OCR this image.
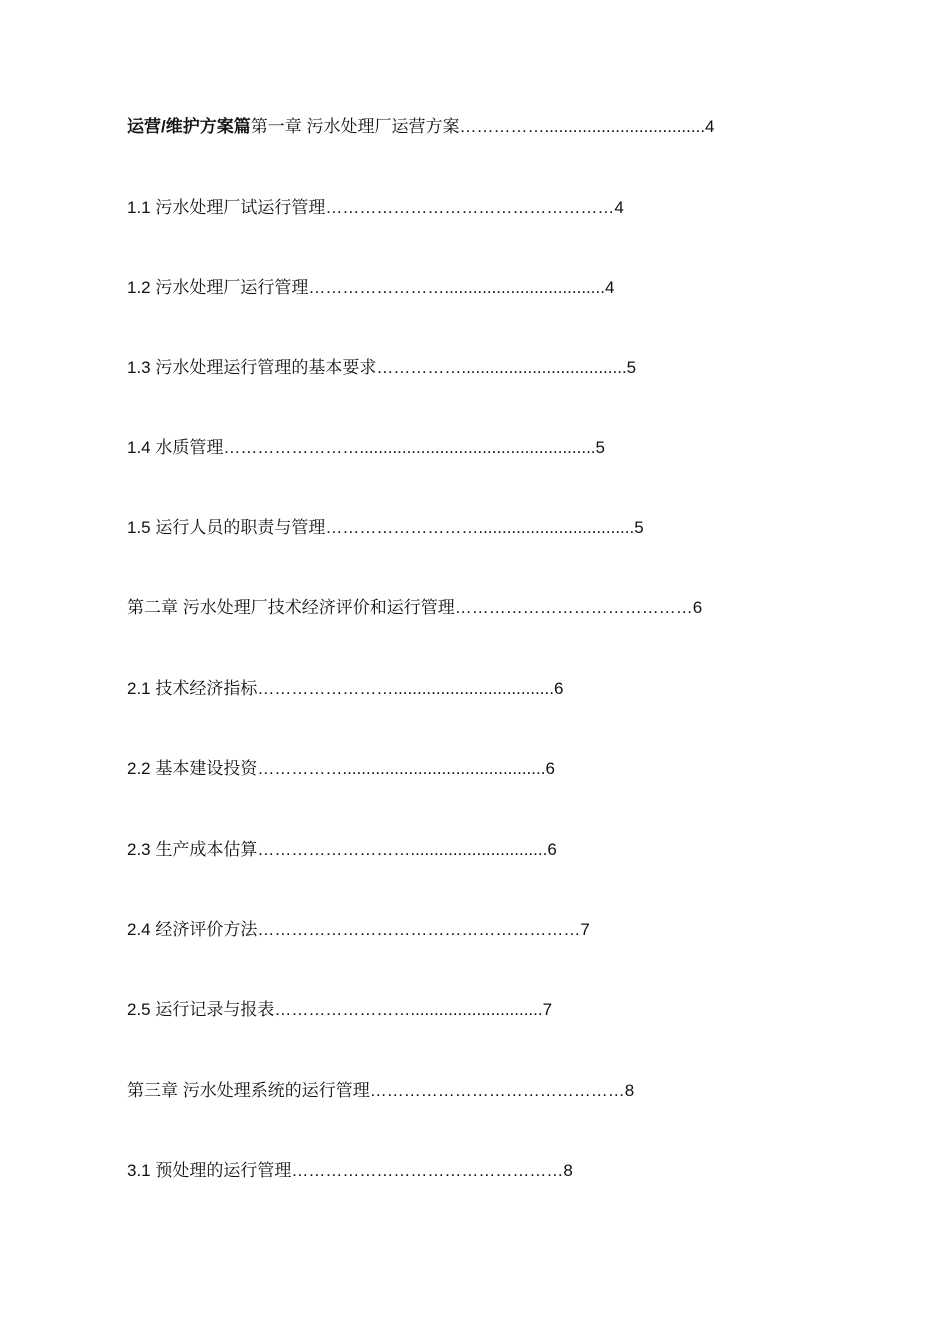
运营/维护方案篇第一章 污水处理厂运营方案……………..................................4
1.1 污水处理厂试运行管理……………………………………………4
1.2 污水处理厂运行管理……………………..................................4
1.3 污水处理运行管理的基本要求……………...................................5
1.4 水质管理……………………..................................................5
1.5 运行人员的职责与管理……………………….................................5
第二章 污水处理厂技术经济评价和运行管理……………………………………6
2.1 技术经济指标……………………..................................6
2.2 基本建设投资……………...........................................6
2.3 生产成本估算……………………….............................6
2.4 经济评价方法…………………………………………………7
2.5 运行记录与报表……………………............................7
第三章 污水处理系统的运行管理………………………………………8
3.1 预处理的运行管理…………………………………………8
